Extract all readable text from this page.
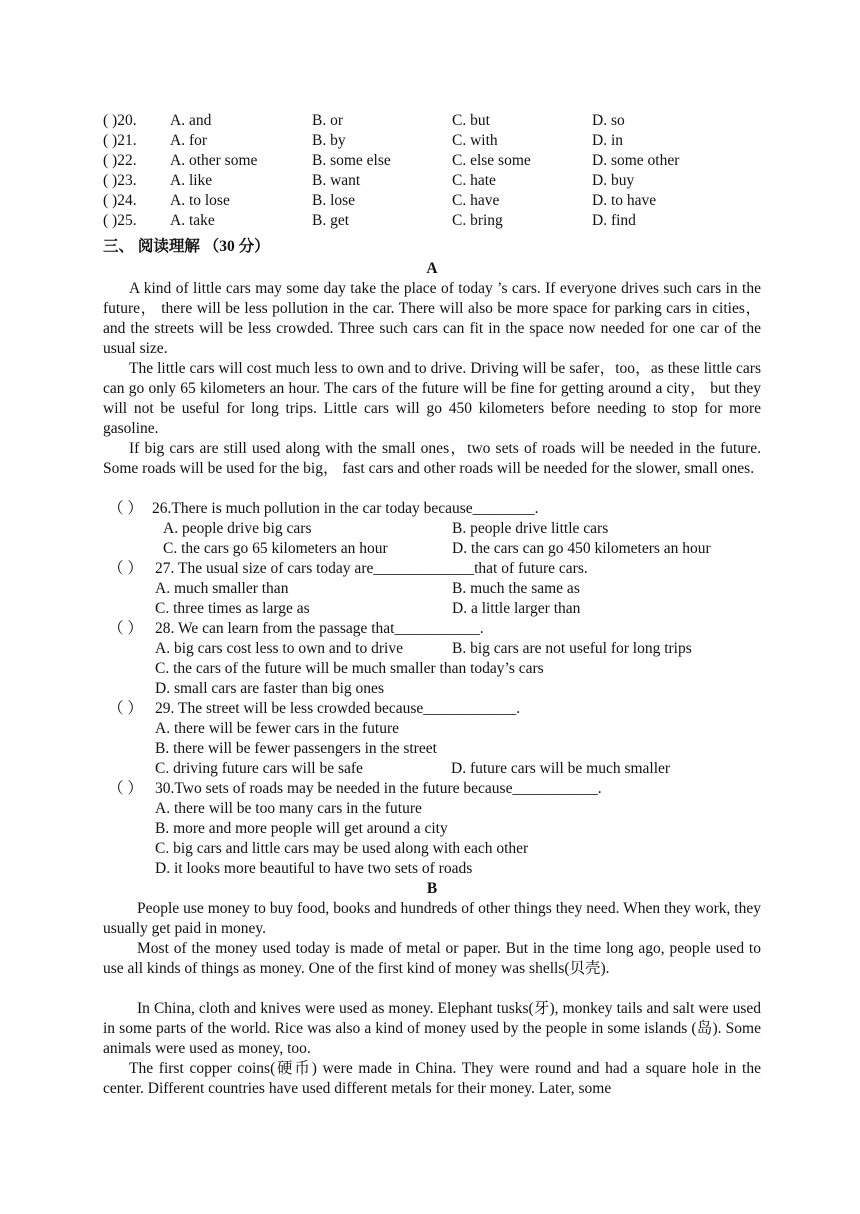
( )20. A. and	B. or	C. but	D. so
( )21. A. for	B. by	C. with	D. in
( )22. A. other some	B. some else	C. else some	D. some other
( )23. A. like	B. want	C. hate	D. buy
( )24. A. to lose	B. lose	C. have	D. to have
( )25. A. take	B. get	C. bring	D. find
三、 阅读理解 （30 分）
A
A kind of little cars may some day take the place of today ’s cars. If everyone drives such cars in the future， there will be less pollution in the car. There will also be more space for parking cars in cities， and the streets will be less crowded. Three such cars can fit in the space now needed for one car of the usual size.
The little cars will cost much less to own and to drive. Driving will be safer，too，as these little cars can go only 65 kilometers an hour. The cars of the future will be fine for getting around a city， but they will not be useful for long trips. Little cars will go 450 kilometers before needing to stop for more gasoline.
If big cars are still used along with the small ones，two sets of roads will be needed in the future. Some roads will be used for the big， fast cars and other roads will be needed for the slower, small ones.
（ ） 26.There is much pollution in the car today because________.
A. people drive big cars	B. people drive little cars
C. the cars go 65 kilometers an hour	D. the cars can go 450 kilometers an hour
（ ） 27. The usual size of cars today are_____________that of future cars.
A. much smaller than	B. much the same as
C. three times as large as	D. a little larger than
（ ） 28. We can learn from the passage that___________.
A. big cars cost less to own and to drive	B. big cars are not useful for long trips
C. the cars of the future will be much smaller than today’s cars
D. small cars are faster than big ones
（ ） 29. The street will be less crowded because____________.
A. there will be fewer cars in the future
B. there will be fewer passengers in the street
C. driving future cars will be safe	D. future cars will be much smaller
（ ） 30.Two sets of roads may be needed in the future because___________.
A. there will be too many cars in the future
B. more and more people will get around a city
C. big cars and little cars may be used along with each other
D. it looks more beautiful to have two sets of roads
B
People use money to buy food, books and hundreds of other things they need. When they work, they usually get paid in money.
Most of the money used today is made of metal or paper. But in the time long ago, people used to use all kinds of things as money. One of the first kind of money was shells(贝壳).
In China, cloth and knives were used as money. Elephant tusks(牙), monkey tails and salt were used in some parts of the world. Rice was also a kind of money used by the people in some islands (岛). Some animals were used as money, too.
The first copper coins(硬币) were made in China. They were round and had a square hole in the center. Different countries have used different metals for their money. Later, some
